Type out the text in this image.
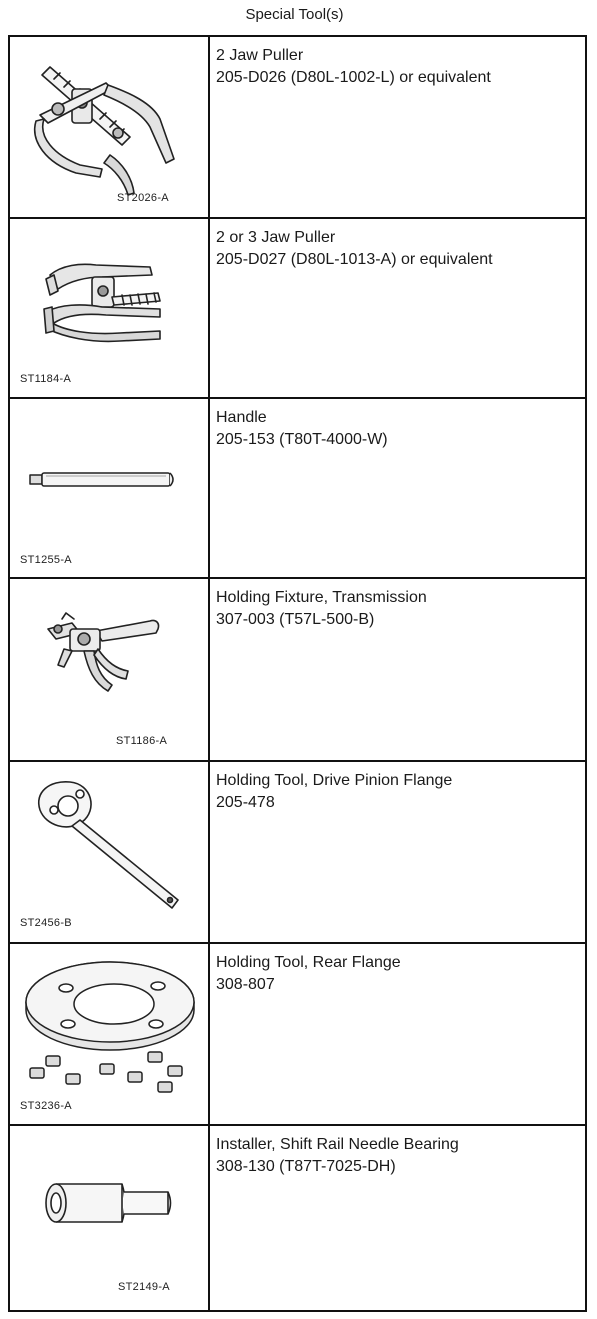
Special Tool(s)
ST2026-A	2 Jaw Puller
205-D026 (D80L-1002-L) or equivalent

ST1184-A	2 or 3 Jaw Puller
205-D027 (D80L-1013-A) or equivalent

ST1255-A	Handle
205-153 (T80T-4000-W)

ST1186-A	Holding Fixture, Transmission
307-003 (T57L-500-B)

ST2456-B	Holding Tool, Drive Pinion Flange
205-478

ST3236-A	Holding Tool, Rear Flange
308-807

ST2149-A	Installer, Shift Rail Needle Bearing
308-130 (T87T-7025-DH)
